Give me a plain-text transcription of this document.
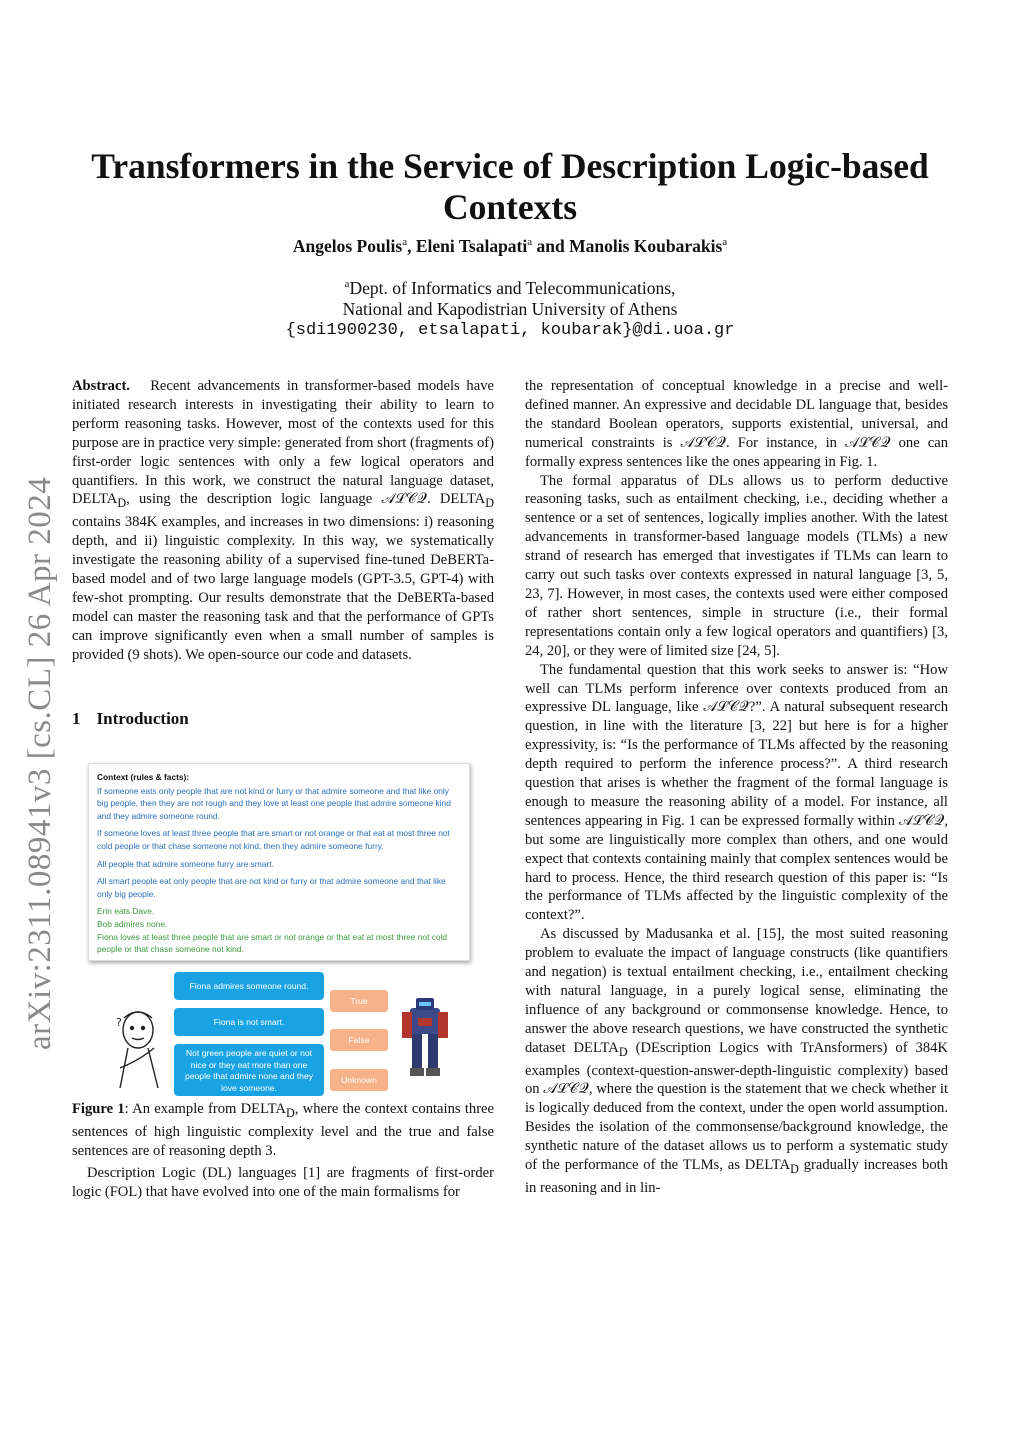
arXiv:2311.08941v3 [cs.CL] 26 Apr 2024
Transformers in the Service of Description Logic-based
Contexts
Angelos Poulis$^a$, Eleni Tsalapati$^a$ and Manolis Koubarakis$^a$
$^a$Dept. of Informatics and Telecommunications,
National and Kapodistrian University of Athens
{sdi1900230, etsalapati, koubarak}@di.uoa.gr

Abstract. Recent advancements in transformer-based models have initiated research interests in investigating their ability to learn to perform reasoning tasks. However, most of the contexts used for this purpose are in practice very simple: generated from short (fragments of) first-order logic sentences with only a few logical operators and quantifiers. In this work, we construct the natural language dataset, $DELTA_D$, using the description logic language 𝒜ℒ𝒞𝒬. $DELTA_D$ contains 384K examples, and increases in two dimensions: i) reasoning depth, and ii) linguistic complexity. In this way, we systematically investigate the reasoning ability of a supervised fine-tuned DeBERTa-based model and of two large language models (GPT-3.5, GPT-4) with few-shot prompting. Our results demonstrate that the DeBERTa-based model can master the reasoning task and that the performance of GPTs can improve significantly even when a small number of samples is provided (9 shots). We open-source our code and datasets.

1 Introduction
Context (rules & facts):
If someone eats only people that are not kind or furry or that admire someone and that like only big people, then they are not rough and they love at least one people that admire someone kind and they admire someone round.
If someone loves at least three people that are smart or not orange or that eat at most three not cold people or that chase someone not kind, then they admire someone furry.
All people that admire someone furry are smart.
All smart people eat only people that are not kind or furry or that admire someone and that like only big people.
Erin eats Dave.
Bob admires none.
Fiona loves at least three people that are smart or not orange or that eat at most three not cold people or that chase someone not kind.
?
Fiona admires someone round.
Fiona is not smart.
Not green people are quiet or not nice or they eat more than one people that admire none and they love someone.
True
False
Unknown
Figure 1: An example from $DELTA_D$, where the context contains three sentences of high linguistic complexity level and the true and false sentences are of reasoning depth 3.

Description Logic (DL) languages [1] are fragments of first-order logic (FOL) that have evolved into one of the main formalisms for

the representation of conceptual knowledge in a precise and well-defined manner. An expressive and decidable DL language that, besides the standard Boolean operators, supports existential, universal, and numerical constraints is 𝒜ℒ𝒞𝒬. For instance, in 𝒜ℒ𝒞𝒬 one can formally express sentences like the ones appearing in Fig. 1.

The formal apparatus of DLs allows us to perform deductive reasoning tasks, such as entailment checking, i.e., deciding whether a sentence or a set of sentences, logically implies another. With the latest advancements in transformer-based language models (TLMs) a new strand of research has emerged that investigates if TLMs can learn to carry out such tasks over contexts expressed in natural language [3, 5, 23, 7]. However, in most cases, the contexts used were either composed of rather short sentences, simple in structure (i.e., their formal representations contain only a few logical operators and quantifiers) [3, 24, 20], or they were of limited size [24, 5].

The fundamental question that this work seeks to answer is: “How well can TLMs perform inference over contexts produced from an expressive DL language, like 𝒜ℒ𝒞𝒬?”. A natural subsequent research question, in line with the literature [3, 22] but here is for a higher expressivity, is: “Is the performance of TLMs affected by the reasoning depth required to perform the inference process?”. A third research question that arises is whether the fragment of the formal language is enough to measure the reasoning ability of a model. For instance, all sentences appearing in Fig. 1 can be expressed formally within 𝒜ℒ𝒞𝒬, but some are linguistically more complex than others, and one would expect that contexts containing mainly that complex sentences would be hard to process. Hence, the third research question of this paper is: “Is the performance of TLMs affected by the linguistic complexity of the context?”.

As discussed by Madusanka et al. [15], the most suited reasoning problem to evaluate the impact of language constructs (like quantifiers and negation) is textual entailment checking, i.e., entailment checking with natural language, in a purely logical sense, eliminating the influence of any background or commonsense knowledge. Hence, to answer the above research questions, we have constructed the synthetic dataset $DELTA_D$ (DEscription Logics with TrAnsformers) of 384K examples (context-question-answer-depth-linguistic complexity) based on 𝒜ℒ𝒞𝒬, where the question is the statement that we check whether it is logically deduced from the context, under the open world assumption. Besides the isolation of the commonsense/background knowledge, the synthetic nature of the dataset allows us to perform a systematic study of the performance of the TLMs, as $DELTA_D$ gradually increases both in reasoning and in lin-
